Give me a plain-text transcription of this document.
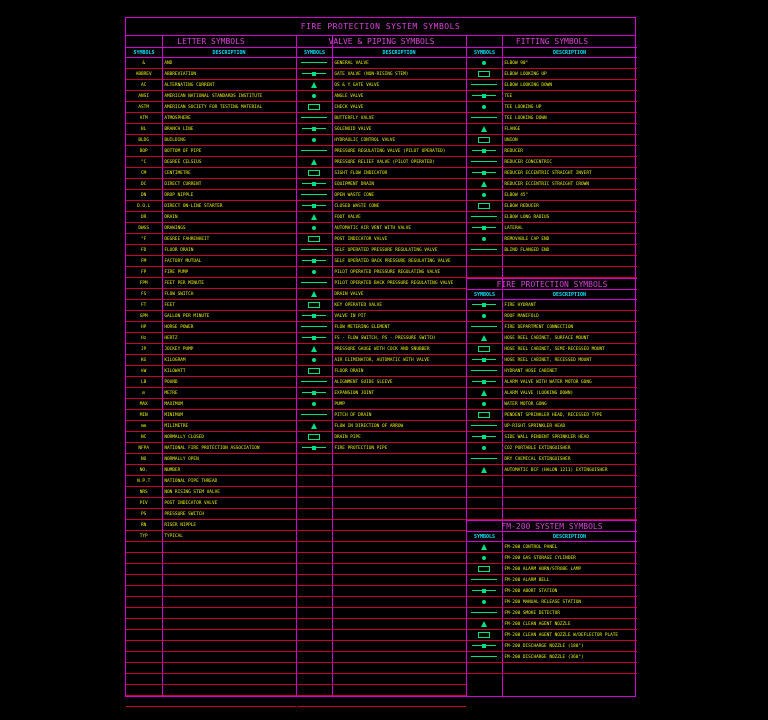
FIRE PROTECTION SYSTEM SYMBOLS
LETTER SYMBOLS
SYMBOLS	DESCRIPTION
&	AND
ABBREV	ABBREVIATION
AC	ALTERNATING CURRENT
ANSI	AMERICAN NATIONAL STANDARDS INSTITUTE
ASTM	AMERICAN SOCIETY FOR TESTING MATERIAL
ATM	ATMOSPHERE
BL	BRANCH LINE
BLDG	BUILDING
BOP	BOTTOM OF PIPE
°C	DEGREE CELSIUS
CM	CENTIMETRE
DC	DIRECT CURRENT
DN	DROP NIPPLE
D.O.L	DIRECT ON-LINE STARTER
DR	DRAIN
DWGS	DRAWINGS
°F	DEGREE FAHRENHEIT
FD	FLOOR DRAIN
FM	FACTORY MUTUAL
FP	FIRE PUMP
FPM	FEET PER MINUTE
FS	FLOW SWITCH
FT	FEET
GPM	GALLON PER MINUTE
HP	HORSE POWER
Hz	HERTZ
JP	JOCKEY PUMP
KG	KILOGRAM
kW	KILOWATT
LB	POUND
m	METRE
MAX	MAXIMUM
MIN	MINIMUM
mm	MILIMETRE
NC	NORMALLY CLOSED
NFPA	NATIONAL FIRE PROTECTION ASSOCIATION
NO	NORMALLY OPEN
NO.	NUMBER
N.P.T	NATIONAL PIPE THREAD
NRS	NON RISING STEM VALVE
PIV	POST INDICATOR VALVE
PS	PRESSURE SWITCH
RN	RISER NIPPLE
TYP	TYPICAL
VALVE & PIPING SYMBOLS
SYMBOLS	DESCRIPTION
GENERAL VALVE
GATE VALVE (NON-RISING STEM)
OS & Y GATE VALVE
ANGLE VALVE
CHECK VALVE
BUTTERFLY VALVE
SOLENOID VALVE
HYDRAULIC CONTROL VALVE
PRESSURE REGULATING VALVE (PILOT OPERATED)
PRESSURE RELIEF VALVE (PILOT OPERATED)
SIGHT FLOW INDICATOR
EQUIPMENT DRAIN
OPEN WASTE CONE
CLOSED WASTE CONE
FOOT VALVE
AUTOMATIC AIR VENT WITH VALVE
POST INDICATOR VALVE
SELF OPERATED PRESSURE REGULATING VALVE
SELF OPERATED BACK PRESSURE REGULATING VALVE
PILOT OPERATED PRESSURE REGULATING VALVE
PILOT OPERATED BACK PRESSURE REGULATING VALVE
DRAIN VALVE
KEY OPERATED VALVE
VALVE IN PIT
FLOW METERING ELEMENT
FS - FLOW SWITCH, PS - PRESSURE SWITCH
PRESSURE GAUGE WITH COCK AND SNUBBER
AIR ELIMINATOR, AUTOMATIC WITH VALVE
FLOOR DRAIN
ALIGNMENT GUIDE SLEEVE
EXPANSION JOINT
PUMP
PITCH OF DRAIN
FLOW IN DIRECTION OF ARROW
DRAIN PIPE
FIRE PROTECTION PIPE
FITTING SYMBOLS
SYMBOLS	DESCRIPTION
ELBOW 90°
ELBOW LOOKING UP
ELBOW LOOKING DOWN
TEE
TEE LOOKING UP
TEE LOOKING DOWN
FLANGE
UNION
REDUCER
REDUCER CONCENTRIC
REDUCER ECCENTRIC STRAIGHT INVERT
REDUCER ECCENTRIC STRAIGHT CROWN
ELBOW 45°
ELBOW REDUCER
ELBOW LONG RADIUS
LATERAL
REMOVABLE CAP END
BLIND FLANGED END
FIRE PROTECTION SYMBOLS
SYMBOLS	DESCRIPTION
FIRE HYDRANT
ROOF MANIFOLD
FIRE DEPARTMENT CONNECTION
HOSE REEL CABINET, SURFACE MOUNT
HOSE REEL CABINET, SEMI-RECESSED MOUNT
HOSE REEL CABINET, RECESSED MOUNT
HYDRANT HOSE CABINET
ALARM VALVE WITH WATER MOTOR GONG
ALARM VALVE (LOOKING DOWN)
WATER MOTOR GONG
PENDENT SPRINKLER HEAD, RECESSED TYPE
UP-RIGHT SPRINKLER HEAD
SIDE WALL PENDENT SPRINKLER HEAD
CO2 PORTABLE EXTINGUISHER
DRY CHEMICAL EXTINGUISHER
AUTOMATIC BCF (HALON 1211) EXTINGUISHER
FM-200 SYSTEM SYMBOLS
SYMBOLS	DESCRIPTION
FM-200 CONTROL PANEL
FM-200 GAS STORAGE CYLINDER
FM-200 ALARM HORN/STROBE LAMP
FM-200 ALARM BELL
FM-200 ABORT STATION
FM-200 MANUAL RELEASE STATION
FM-200 SMOKE DETECTOR
FM-200 CLEAN AGENT NOZZLE
FM-200 CLEAN AGENT NOZZLE W/DEFLECTOR PLATE
FM-200 DISCHARGE NOZZLE (180°)
FM-200 DISCHARGE NOZZLE (360°)
